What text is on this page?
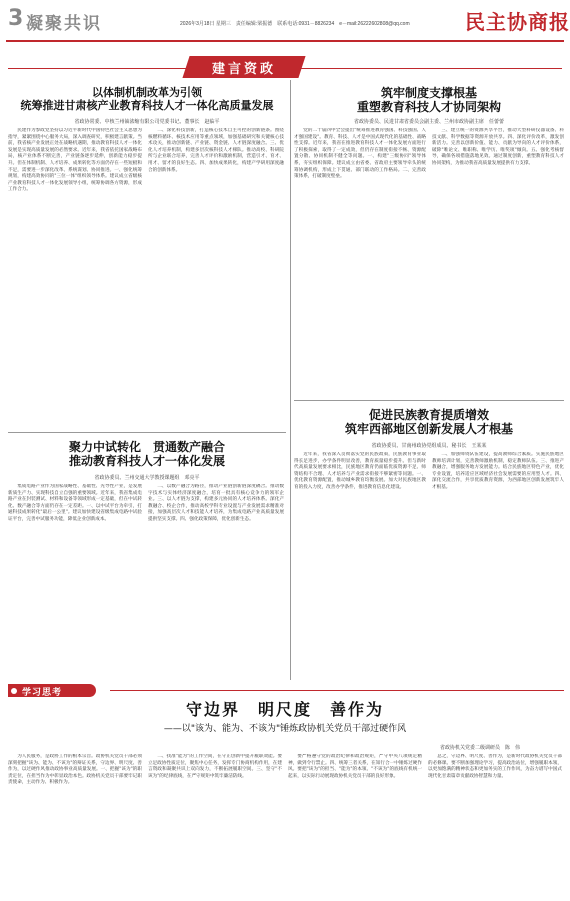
3 凝聚共识	2026年3月18日 星期三　责任编辑:梁振德　联系电话:0931－8826234　e－mail:26222602808@qq.com	民主协商报
建言资政
以体制机制改革为引领
统筹推进甘肃核产业教育科技人才一体化高质量发展
省政协常委、中核兰州铀浓缩有限公司党委书记、董事长　赵临平

民建作为参政党坚持以习近平新时代中国特色社会主义思想为指导，紧紧围绕中心服务大局，深入调查研究，积极建言献策。当前，我省核产业发展正处在战略机遇期，推动教育科技人才一体化发展是实现高质量发展的必然要求。近年来，我省依托国家战略布局，核产业体系不断完善，产业链条逐步延伸，创新能力稳步提升。但在体制机制、人才培养、成果转化等方面仍存在一些短板和不足，需要进一步深化改革、系统谋划、协同推进。一、强化统筹规划，构建高效协同的"三位一体"组织领导体系。建议成立省级核产业教育科技人才一体化发展领导小组，统筹协调各方资源，形成工作合力。

二、深化科技创新，打造核心技术自主可控的创新链条。围绕核燃料循环、核技术应用等重点领域，加强基础研究和关键核心技术攻关，推动创新链、产业链、资金链、人才链深度融合。三、优化人才培养机制，构建多层次核科技人才梯队。推动高校、科研院所与企业联合培养，完善人才评价和激励机制，营造引才、育才、用才、留才的良好生态。四、加快成果转化，构建产学研用深度融合的创新体系。

聚力中试转化　贯通数产融合
推动教育科技人才一体化发展
省政协委员、兰州交通大学教授课题组　邓亮平

集成电路产业作为国家战略性、基础性、先导性产业，是发展新质生产力、实现科技自立自强的重要领域。近年来，我省集成电路产业在封装测试、材料和设备等领域形成一定基础，但在中试转化、数产融合等方面仍存在一定差距。一、以中试平台为牵引，打通科技成果转化"最后一公里"。建议加快建设省级集成电路中试验证平台，完善中试服务功能，降低企业创新成本。

二、以数产融合为路径，推动产业链创新链深度耦合。推动数字技术与实体经济深度融合，培育一批具有核心竞争力的领军企业。三、以人才链为支撑，构建多元协同的人才培养体系。深化产教融合、校企合作，推动高校学科专业设置与产业发展需求精准对接，加强高层次人才和技能人才培养，为集成电路产业高质量发展提供坚实支撑。四、强化政策保障，优化创新生态。

筑牢制度支撑根基
重塑教育科技人才协同架构
省政协委员、民进甘肃省委员会副主委、兰州市政协副主席　任蕾蕾

党的二十届四中全会提出"统筹推进教育强国、科技强国、人才强国建设"。教育、科技、人才是中国式现代化的基础性、战略性支撑。近年来，我省在推进教育科技人才一体化发展方面进行了积极探索，取得了一定成效，但仍存在制度衔接不畅、资源配置分散、协同机制不健全等问题。一、构建"三级协同"领导体系，夯实组织保障。建议成立由省委、省政府主要领导牵头的统筹协调机构，形成上下贯通、部门联动的工作格局。二、完善政策体系，打破制度壁垒。

三、建立统一的资源共享平台，推动大型科研仪器设备、科技文献、科学数据等资源开放共享。四、深化评价改革，激发创新活力。完善以创新价值、能力、贡献为导向的人才评价体系，破除"唯论文、唯职称、唯学历、唯奖项"倾向。五、强化考核督导，确保各项措施落地见效。通过制度创新，重塑教育科技人才协同架构，为推动我省高质量发展提供有力支撑。

促进民族教育提质增效
筑牢西部地区创新发展人才根基
省政协委员、甘南州政协党组成员、秘书长　王某某

近年来，我省深入贯彻落实党的民族政策，民族教育事业取得长足进步，办学条件明显改善，教育质量稳步提升。但与新时代高质量发展要求相比，民族地区教育仍面临优质资源不足、师资结构不合理、人才培养与产业需求衔接不够紧密等问题。一、优化教育资源配置，推动城乡教育均衡发展。加大对民族地区教育的投入力度，改善办学条件，推进教育信息化建设。

二、加强师资队伍建设，提高教师综合素质。实施民族地区教师培训计划，完善教师激励机制，稳定教师队伍。三、推进产教融合，增强服务地方发展能力。结合民族地区特色产业，优化专业设置，培养适应区域经济社会发展需要的应用型人才。四、深化交流合作，共享优质教育资源，为西部地区创新发展筑牢人才根基。

学习思考
守边界　明尺度　善作为
——以"该为、能为、不该为"锤炼政协机关党员干部过硬作风
省政协机关党委二级调研员　陈　伟

为人民服务，是政协工作的根本宗旨。政协机关党员干部必须深刻把握"该为、能为、不该为"的辩证关系，守边界、明尺度、善作为，以过硬作风推动政协事业高质量发展。一、把握"该为"的职责定位，在担当作为中彰显政治本色。政协机关党员干部要牢记职责使命，主动作为、积极作为。

二、找准"能为"的工作空间，在守正创新中提升履职效能。要立足政协性质定位，聚焦中心任务，发挥专门协商机构作用，在建言资政和凝聚共识上双向发力，不断拓展履职空间。三、坚守"不该为"的纪律底线，在严守规矩中筑牢廉洁防线。

要严格遵守党的政治纪律和政治规矩，严守中央八项规定精神，做到令行禁止。四、统筹三者关系，在知行合一中锤炼过硬作风。要把"该为"的担当、"能为"的本领、"不该为"的底线有机统一起来，以实际行动展现政协机关党员干部的良好形象。

总之，守边界、明尺度、善作为，是新时代政协机关党员干部的必修课。要不断加强理论学习，提高政治站位，增强履职本领，以更加饱满的精神状态和更加务实的工作作风，为奋力谱写中国式现代化甘肃篇章贡献政协智慧和力量。
